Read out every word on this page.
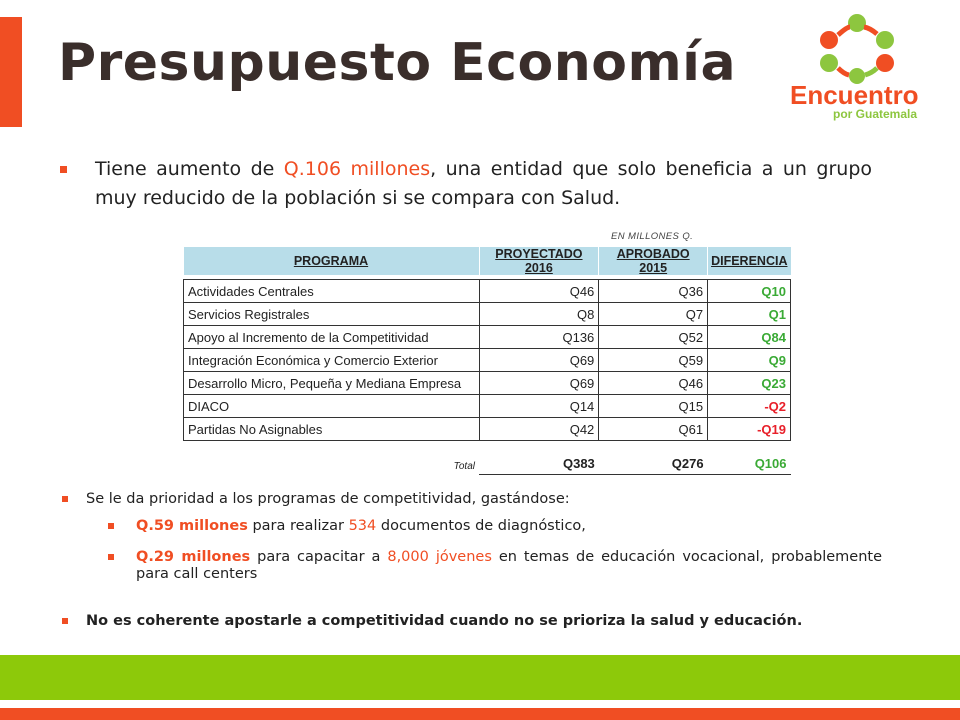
Presupuesto Economía
Encuentro
por Guatemala
Tiene aumento de Q.106 millones, una entidad que solo beneficia a un grupo muy reducido de la población si se compara con Salud.
EN MILLONES Q.
PROGRAMA	PROYECTADO 2016	APROBADO 2015	DIFERENCIA

Actividades Centrales	Q46	Q36	Q10
Servicios Registrales	Q8	Q7	Q1
Apoyo al Incremento de la Competitividad	Q136	Q52	Q84
Integración Económica y Comercio Exterior	Q69	Q59	Q9
Desarrollo Micro, Pequeña y Mediana Empresa	Q69	Q46	Q23
DIACO	Q14	Q15	-Q2
Partidas No Asignables	Q42	Q61	-Q19
Total	Q383	Q276	Q106
Se le da prioridad a los programas de competitividad, gastándose:
Q.59 millones para realizar 534 documentos de diagnóstico,
Q.29 millones para capacitar a 8,000 jóvenes en temas de educación vocacional, probablemente para call centers
No es coherente apostarle a competitividad cuando no se prioriza la salud y educación.
